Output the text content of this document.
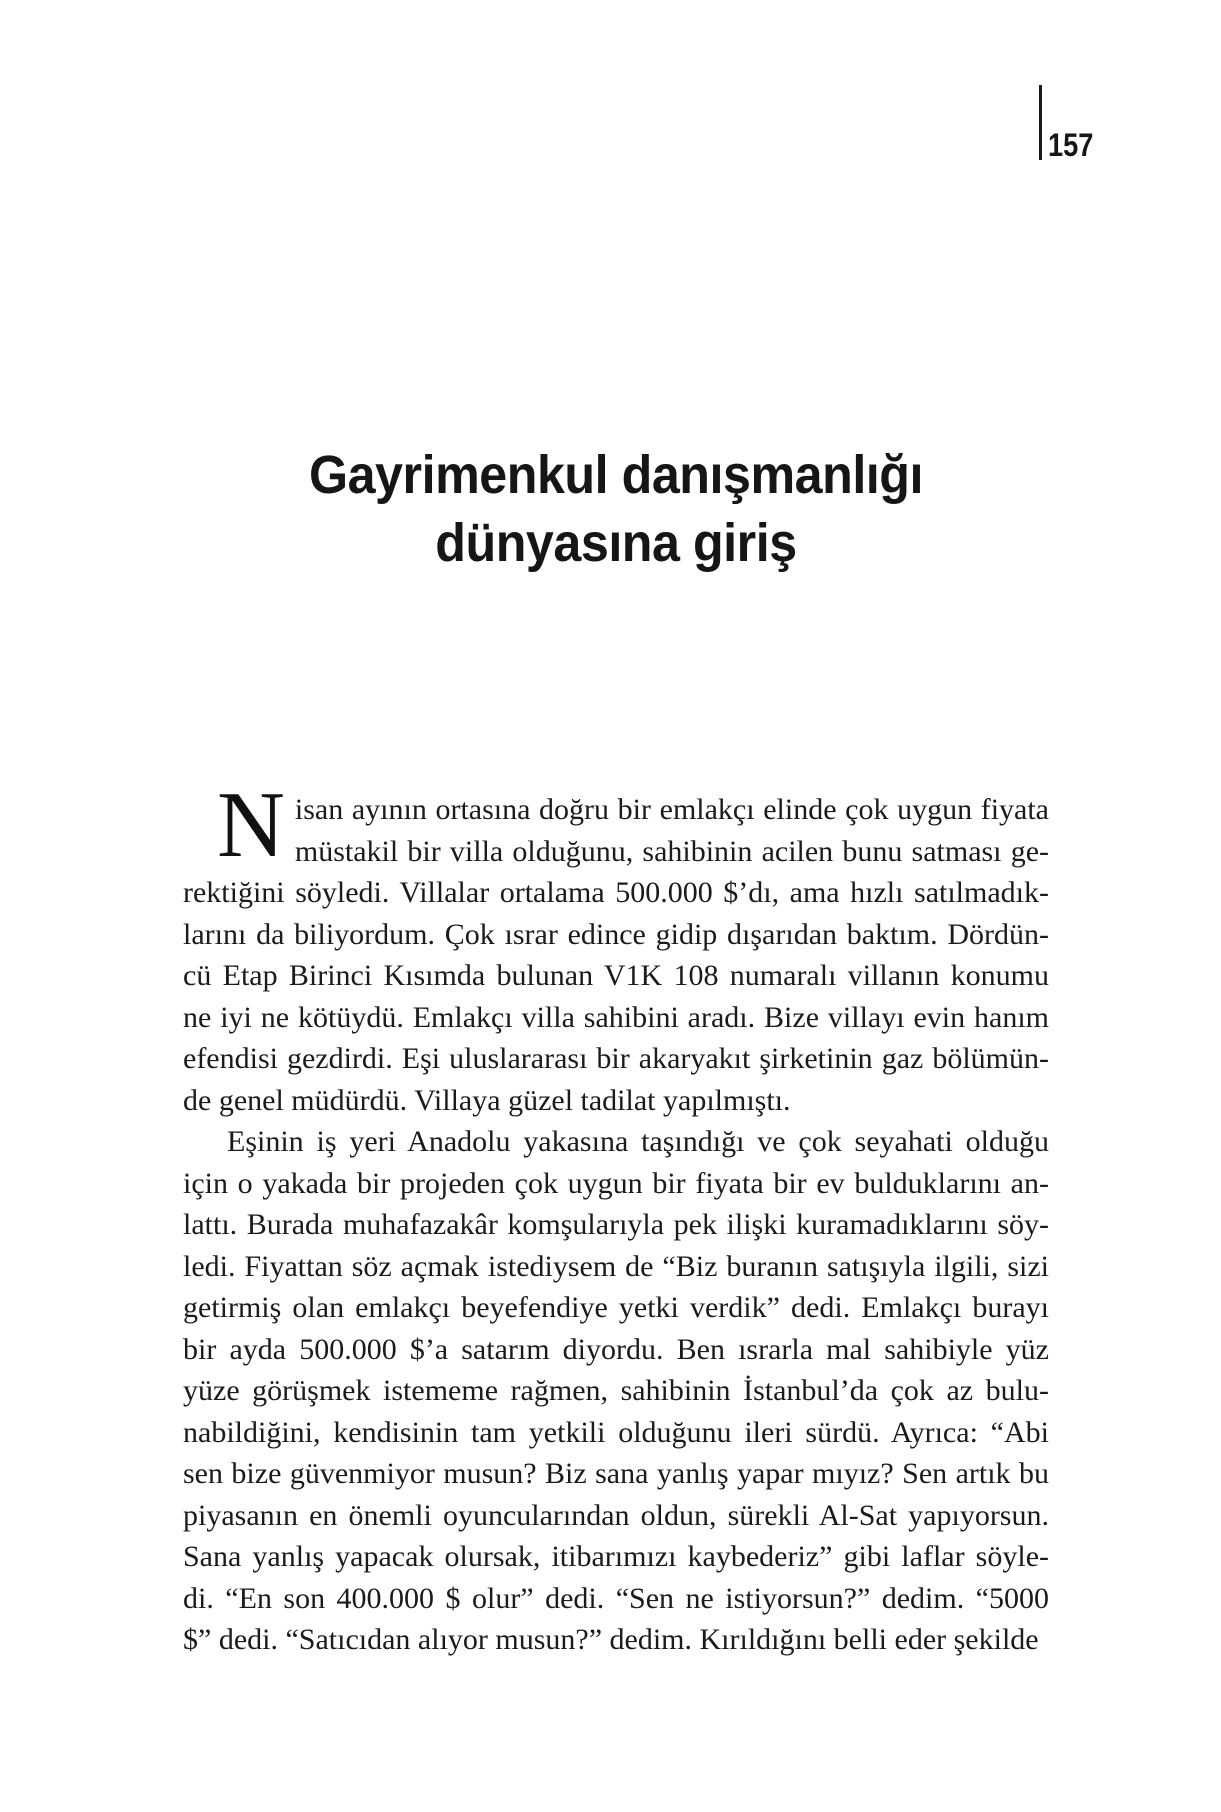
157
Gayrimenkul danışmanlığı
dünyasına giriş
N isan ayının ortasına doğru bir emlakçı elinde çok uygun fiyata
müstakil bir villa olduğunu, sahibinin acilen bunu satması ge-
rektiğini söyledi. Villalar ortalama 500.000 $’dı, ama hızlı satılmadık-
larını da biliyordum. Çok ısrar edince gidip dışarıdan baktım. Dördün-
cü Etap Birinci Kısımda bulunan V1K 108 numaralı villanın konumu
ne iyi ne kötüydü. Emlakçı villa sahibini aradı. Bize villayı evin hanım
efendisi gezdirdi. Eşi uluslararası bir akaryakıt şirketinin gaz bölümün-
de genel müdürdü. Villaya güzel tadilat yapılmıştı.
Eşinin iş yeri Anadolu yakasına taşındığı ve çok seyahati olduğu
için o yakada bir projeden çok uygun bir fiyata bir ev bulduklarını an-
lattı. Burada muhafazakâr komşularıyla pek ilişki kuramadıklarını söy-
ledi. Fiyattan söz açmak istediysem de “Biz buranın satışıyla ilgili, sizi
getirmiş olan emlakçı beyefendiye yetki verdik” dedi. Emlakçı burayı
bir ayda 500.000 $’a satarım diyordu. Ben ısrarla mal sahibiyle yüz
yüze görüşmek istememe rağmen, sahibinin İstanbul’da çok az bulu-
nabildiğini, kendisinin tam yetkili olduğunu ileri sürdü. Ayrıca: “Abi
sen bize güvenmiyor musun? Biz sana yanlış yapar mıyız? Sen artık bu
piyasanın en önemli oyuncularından oldun, sürekli Al-Sat yapıyorsun.
Sana yanlış yapacak olursak, itibarımızı kaybederiz” gibi laflar söyle-
di. “En son 400.000 $ olur” dedi. “Sen ne istiyorsun?” dedim. “5000
$” dedi. “Satıcıdan alıyor musun?” dedim. Kırıldığını belli eder şekilde
